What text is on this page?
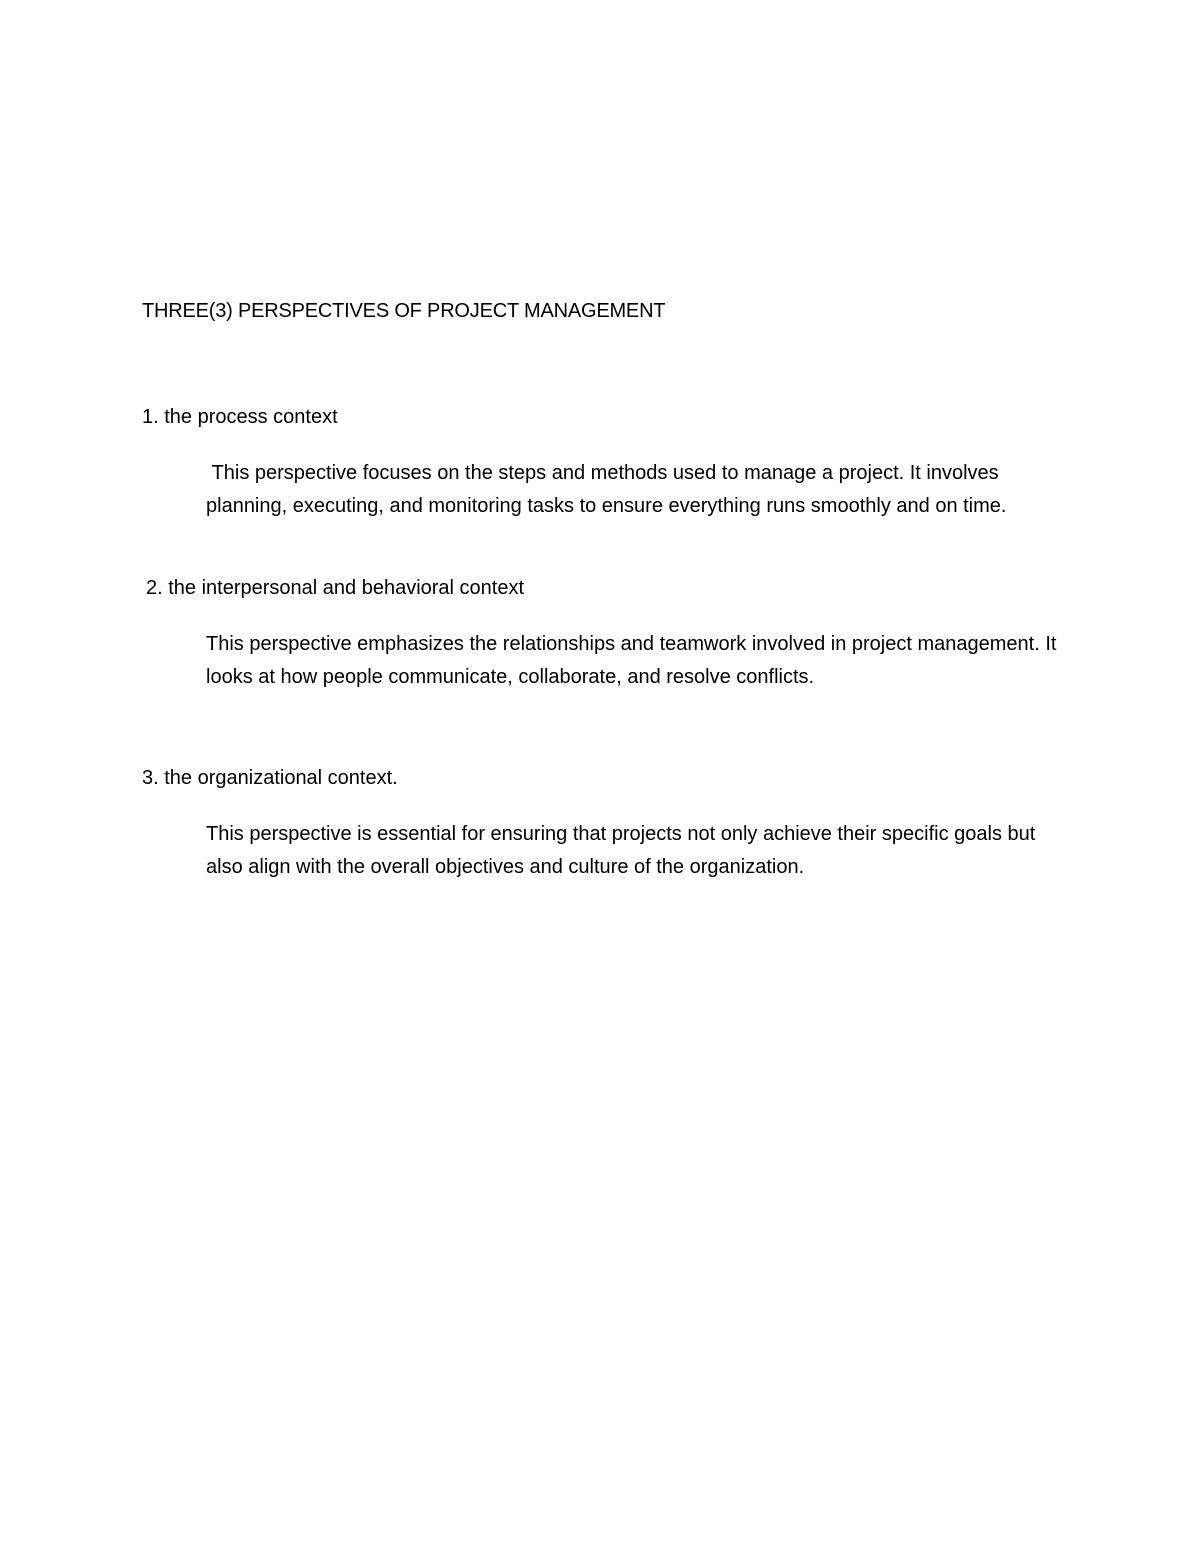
THREE(3) PERSPECTIVES OF PROJECT MANAGEMENT

1. the process context

This perspective focuses on the steps and methods used to manage a project. It involves planning, executing, and monitoring tasks to ensure everything runs smoothly and on time.

2. the interpersonal and behavioral context

This perspective emphasizes the relationships and teamwork involved in project management. It looks at how people communicate, collaborate, and resolve conflicts.

3. the organizational context.

This perspective is essential for ensuring that projects not only achieve their specific goals but also align with the overall objectives and culture of the organization.
